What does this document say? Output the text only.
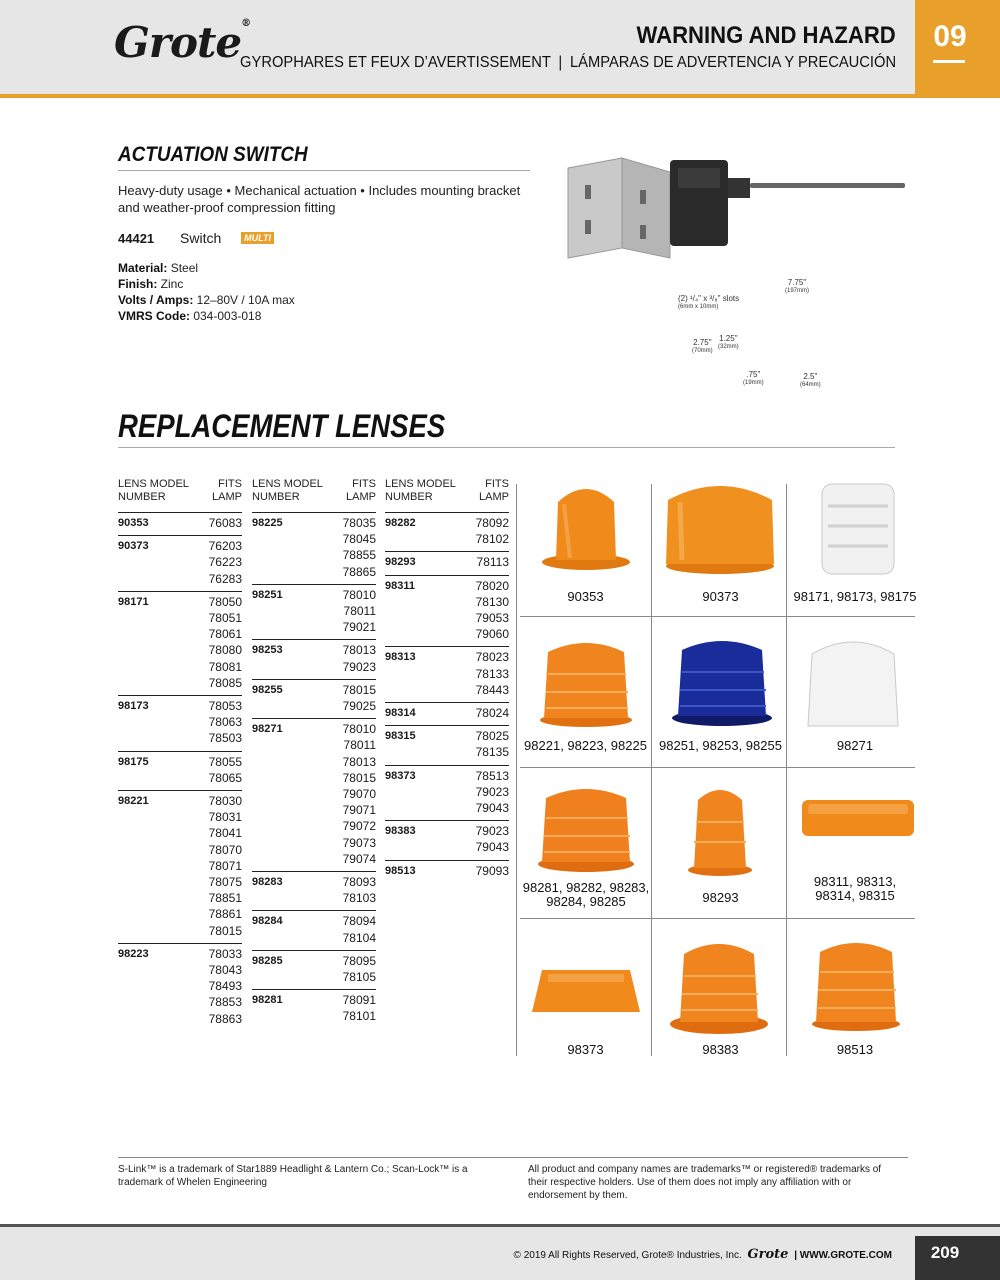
Grote®	WARNING AND HAZARD
GYROPHARES ET FEUX D’AVERTISSEMENT | LÁMPARAS DE ADVERTENCIA Y PRECAUCIÓN
09
ACTUATION SWITCH
Heavy-duty usage • Mechanical actuation • Includes mounting bracket and weather-proof compression fitting
44421 Switch	MULTI
Material: Steel
Finish: Zinc
Volts / Amps: 12–80V / 10A max
VMRS Code: 034-003-018
7.75"
(197mm)
(2) ¹/₄" x ³/₈" slots
(6mm x 10mm)
2.75"
(70mm)
1.25"
(32mm)
.75"
(19mm)
2.5"
(64mm)
REPLACEMENT LENSES
LENS MODEL
NUMBER
FITS
LAMP
90353	76083
90373	76203
76223
76283
98171	78050
78051
78061
78080
78081
78085
98173	78053
78063
78503
98175	78055
78065
98221	78030
78031
78041
78070
78071
78075
78851
78861
78015
98223	78033
78043
78493
78853
78863
LENS MODEL
NUMBER
FITS
LAMP
98225	78035
78045
78855
78865
98251	78010
78011
79021
98253	78013
79023
98255	78015
79025
98271	78010
78011
78013
78015
79070
79071
79072
79073
79074
98283	78093
78103
98284	78094
78104
98285	78095
78105
98281	78091
78101
LENS MODEL
NUMBER
FITS
LAMP
98282	78092
78102
98293	78113
98311	78020
78130
79053
79060
98313	78023
78133
78443
98314	78024
98315	78025
78135
98373	78513
79023
79043
98383	79023
79043
98513	79093
90353	90373	98171, 98173, 98175
98221, 98223, 98225 98251, 98253, 98255	98271
98281, 98282, 98283, 98284, 98285	98293
98311, 98313, 98314, 98315
98373	98383	98513
S-Link™ is a trademark of Star1889 Headlight & Lantern Co.; Scan-Lock™ is a trademark of Whelen Engineering
All product and company names are trademarks™ or registered® trademarks of their respective holders. Use of them does not imply any affiliation with or endorsement by them.
© 2019 All Rights Reserved, Grote® Industries, Inc. Grote | WWW.GROTE.COM	209
